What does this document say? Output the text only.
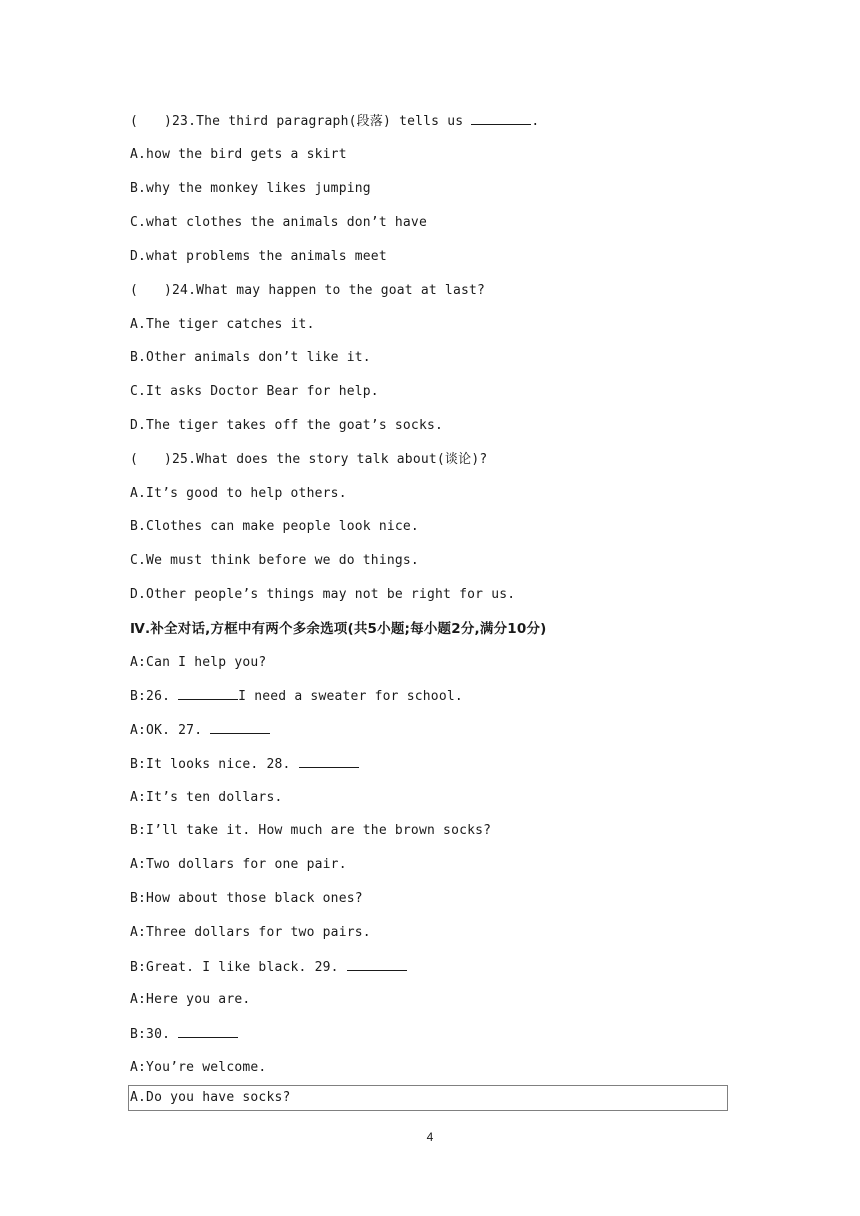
( ) 23.The third paragraph(段落) tells us	.
A.how the bird gets a skirt
B.why the monkey likes jumping
C.what clothes the animals don’t have
D.what problems the animals meet
( ) 24.What may happen to the goat at last?
A.The tiger catches it.
B.Other animals don’t like it.
C.It asks Doctor Bear for help.
D.The tiger takes off the goat’s socks.
( ) 25.What does the story talk about(谈论)?
A.It’s good to help others.
B.Clothes can make people look nice.
C.We must think before we do things.
D.Other people’s things may not be right for us.
Ⅳ.补全对话,方框中有两个多余选项(共5小题;每小题2分,满分10分)
A:Can I help you?
B:26.	I need a sweater for school.
A:OK. 27.
B:It looks nice. 28.
A:It’s ten dollars.
B:I’ll take it. How much are the brown socks?
A:Two dollars for one pair.
B:How about those black ones?
A:Three dollars for two pairs.
B:Great. I like black. 29.
A:Here you are.
B:30.
A:You’re welcome.
A.Do you have socks?
4
